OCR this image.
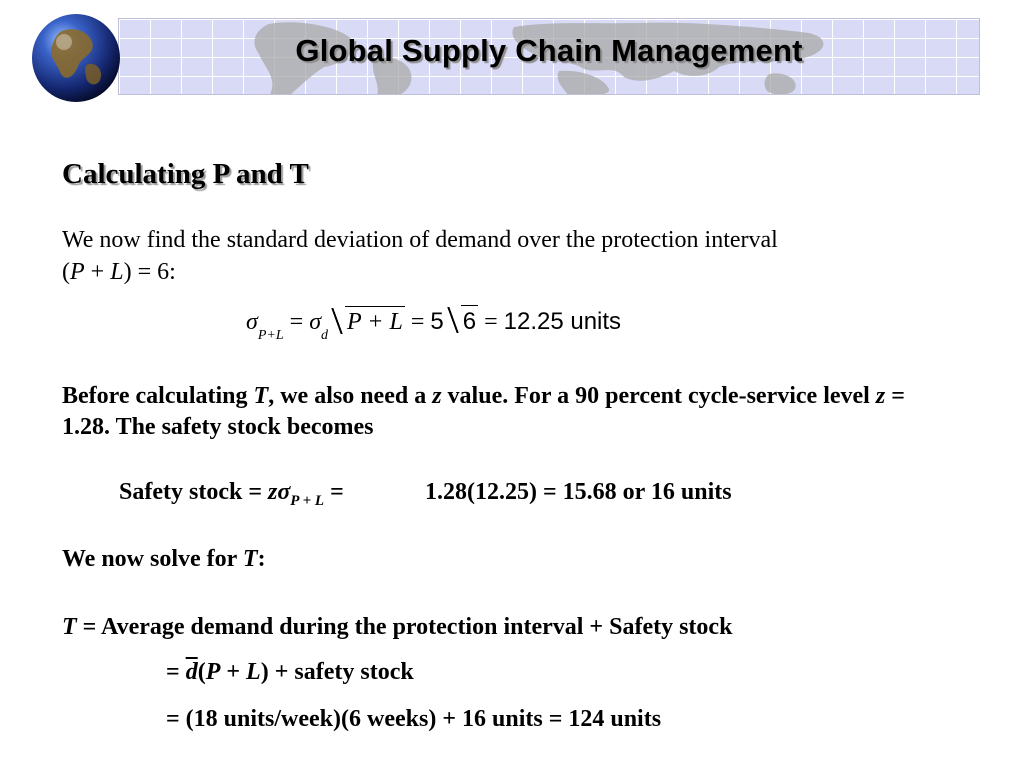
Global Supply Chain Management
Calculating P and T
We now find the standard deviation of demand over the protection interval
(P + L) = 6:
$\sigma_{P+L} = \sigma_dP + L = 5$ 6 = 12.25 units
Before calculating T, we also need a z value. For a 90 percent cycle-service level z = 1.28. The safety stock becomes
Safety stock = $z\sigma_{P + L}$ =	1.28(12.25) = 15.68 or 16 units
We now solve for T:
T = Average demand during the protection interval + Safety stock
= $\overline{d}(P + L)$ + safety stock
= (18 units/week)(6 weeks) + 16 units = 124 units
